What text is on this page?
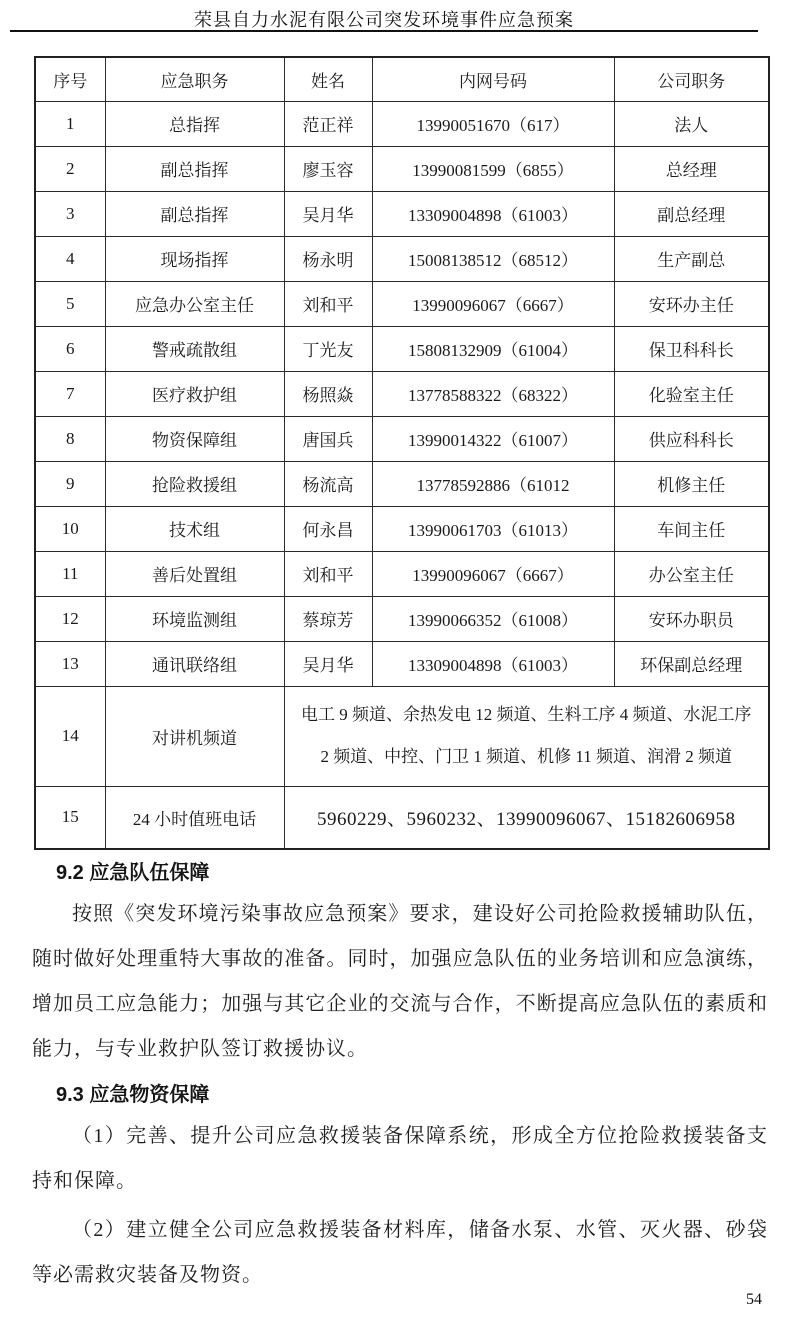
荣县自力水泥有限公司突发环境事件应急预案
序号	应急职务	姓名	内网号码	公司职务
1	总指挥	范正祥	13990051670（617）	法人
2	副总指挥	廖玉容	13990081599（6855）	总经理
3	副总指挥	吴月华	13309004898（61003）	副总经理
4	现场指挥	杨永明	15008138512（68512）	生产副总
5	应急办公室主任	刘和平	13990096067（6667）	安环办主任
6	警戒疏散组	丁光友	15808132909（61004）	保卫科科长
7	医疗救护组	杨照焱	13778588322（68322）	化验室主任
8	物资保障组	唐国兵	13990014322（61007）	供应科科长
9	抢险救援组	杨流高	13778592886（61012	机修主任
10	技术组	何永昌	13990061703（61013）	车间主任
11	善后处置组	刘和平	13990096067（6667）	办公室主任
12	环境监测组	蔡琼芳	13990066352（61008）	安环办职员
13	通讯联络组	吴月华	13309004898（61003）	环保副总经理
14	对讲机频道	电工 9 频道、余热发电 12 频道、生料工序 4 频道、水泥工序
2 频道、中控、门卫 1 频道、机修 11 频道、润滑 2 频道		

15	24 小时值班电话	5960229、5960232、13990096067、15182606958		
9.2 应急队伍保障

按照《突发环境污染事故应急预案》要求，建设好公司抢险救援辅助队伍，随时做好处理重特大事故的准备。同时，加强应急队伍的业务培训和应急演练，增加员工应急能力；加强与其它企业的交流与合作，不断提高应急队伍的素质和能力，与专业救护队签订救援协议。

9.3 应急物资保障

（1）完善、提升公司应急救援装备保障系统，形成全方位抢险救援装备支持和保障。

（2）建立健全公司应急救援装备材料库，储备水泵、水管、灭火器、砂袋等必需救灾装备及物资。

54
